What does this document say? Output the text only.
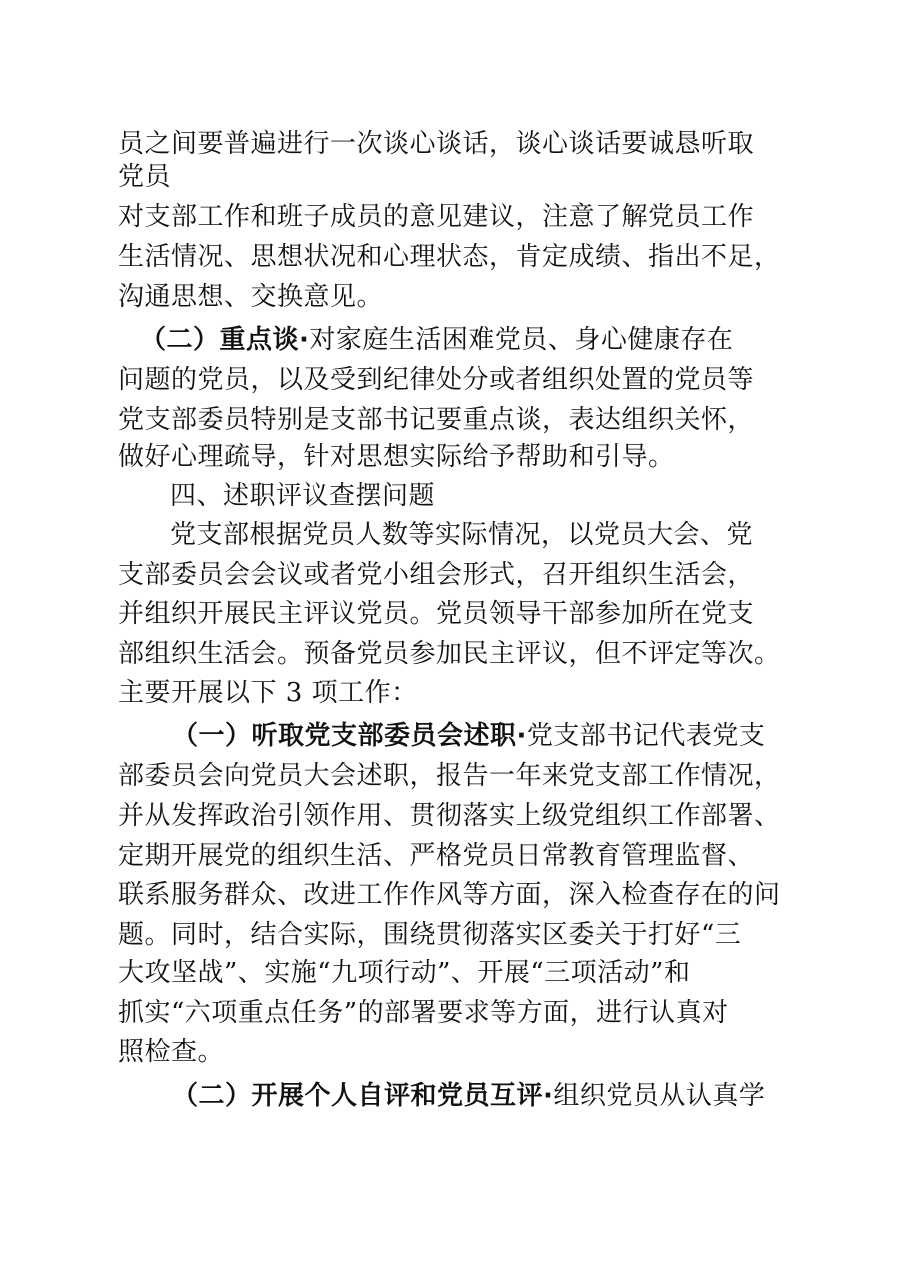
员之间要普遍进行一次谈心谈话，谈心谈话要诚恳听取
党员
对支部工作和班子成员的意见建议，注意了解党员工作
生活情况、思想状况和心理状态，肯定成绩、指出不足，
沟通思想、交换意见。
（二）重点谈·对家庭生活困难党员、身心健康存在
问题的党员，以及受到纪律处分或者组织处置的党员等
党支部委员特别是支部书记要重点谈，表达组织关怀，
做好心理疏导，针对思想实际给予帮助和引导。
四、述职评议查摆问题
党支部根据党员人数等实际情况，以党员大会、党
支部委员会会议或者党小组会形式，召开组织生活会，
并组织开展民主评议党员。党员领导干部参加所在党支
部组织生活会。预备党员参加民主评议，但不评定等次。
主要开展以下 3 项工作：
（一）听取党支部委员会述职·党支部书记代表党支
部委员会向党员大会述职，报告一年来党支部工作情况，
并从发挥政治引领作用、贯彻落实上级党组织工作部署、
定期开展党的组织生活、严格党员日常教育管理监督、
联系服务群众、改进工作作风等方面，深入检查存在的问
题。同时，结合实际，围绕贯彻落实区委关于打好“三
大攻坚战”、实施“九项行动”、开展“三项活动”和
抓实“六项重点任务”的部署要求等方面，进行认真对
照检查。
（二）开展个人自评和党员互评·组织党员从认真学
